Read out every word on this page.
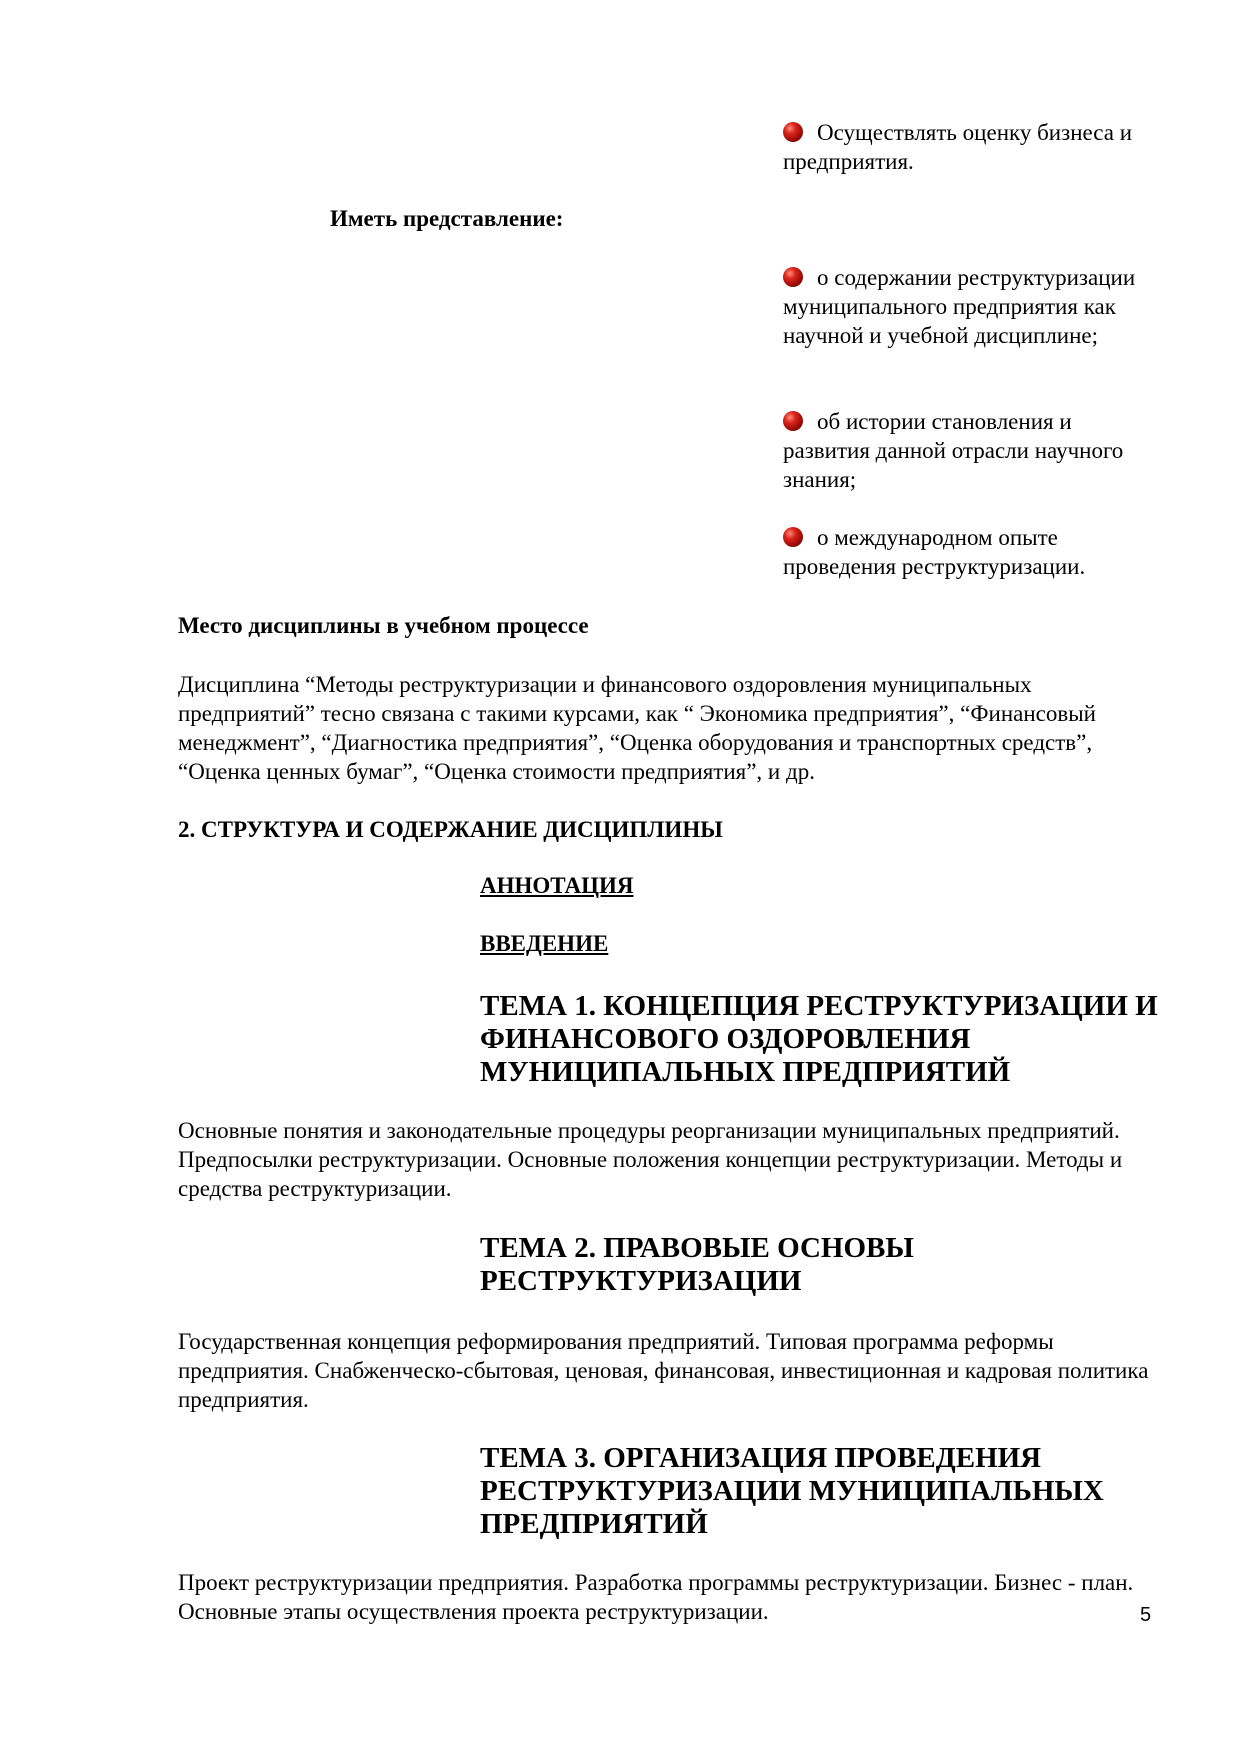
Осуществлять оценку бизнеса и предприятия.
Иметь представление:
о содержании реструктуризации муниципального предприятия как научной и учебной дисциплине;
об истории становления и развития данной отрасли научного знания;
о международном опыте проведения реструктуризации.
Место дисциплины в учебном процессе
Дисциплина “Методы реструктуризации и финансового оздоровления муниципальных предприятий” тесно связана с такими курсами, как “ Экономика предприятия”, “Финансовый менеджмент”, “Диагностика предприятия”, “Оценка оборудования и транспортных средств”, “Оценка ценных бумаг”, “Оценка стоимости предприятия”, и др.
2. СТРУКТУРА И СОДЕРЖАНИЕ ДИСЦИПЛИНЫ
АННОТАЦИЯ
ВВЕДЕНИЕ
ТЕМА 1. КОНЦЕПЦИЯ РЕСТРУКТУРИЗАЦИИ И ФИНАНСОВОГО ОЗДОРОВЛЕНИЯ МУНИЦИПАЛЬНЫХ ПРЕДПРИЯТИЙ
Основные понятия и законодательные процедуры реорганизации муниципальных предприятий. Предпосылки реструктуризации. Основные положения концепции реструктуризации. Методы и средства реструктуризации.
ТЕМА 2. ПРАВОВЫЕ ОСНОВЫ РЕСТРУКТУРИЗАЦИИ
Государственная концепция реформирования предприятий. Типовая программа реформы предприятия. Снабженческо-сбытовая, ценовая, финансовая, инвестиционная и кадровая политика предприятия.
ТЕМА 3. ОРГАНИЗАЦИЯ ПРОВЕДЕНИЯ РЕСТРУКТУРИЗАЦИИ МУНИЦИПАЛЬНЫХ ПРЕДПРИЯТИЙ
Проект реструктуризации предприятия. Разработка программы реструктуризации. Бизнес - план. Основные этапы осуществления проекта реструктуризации.	5
